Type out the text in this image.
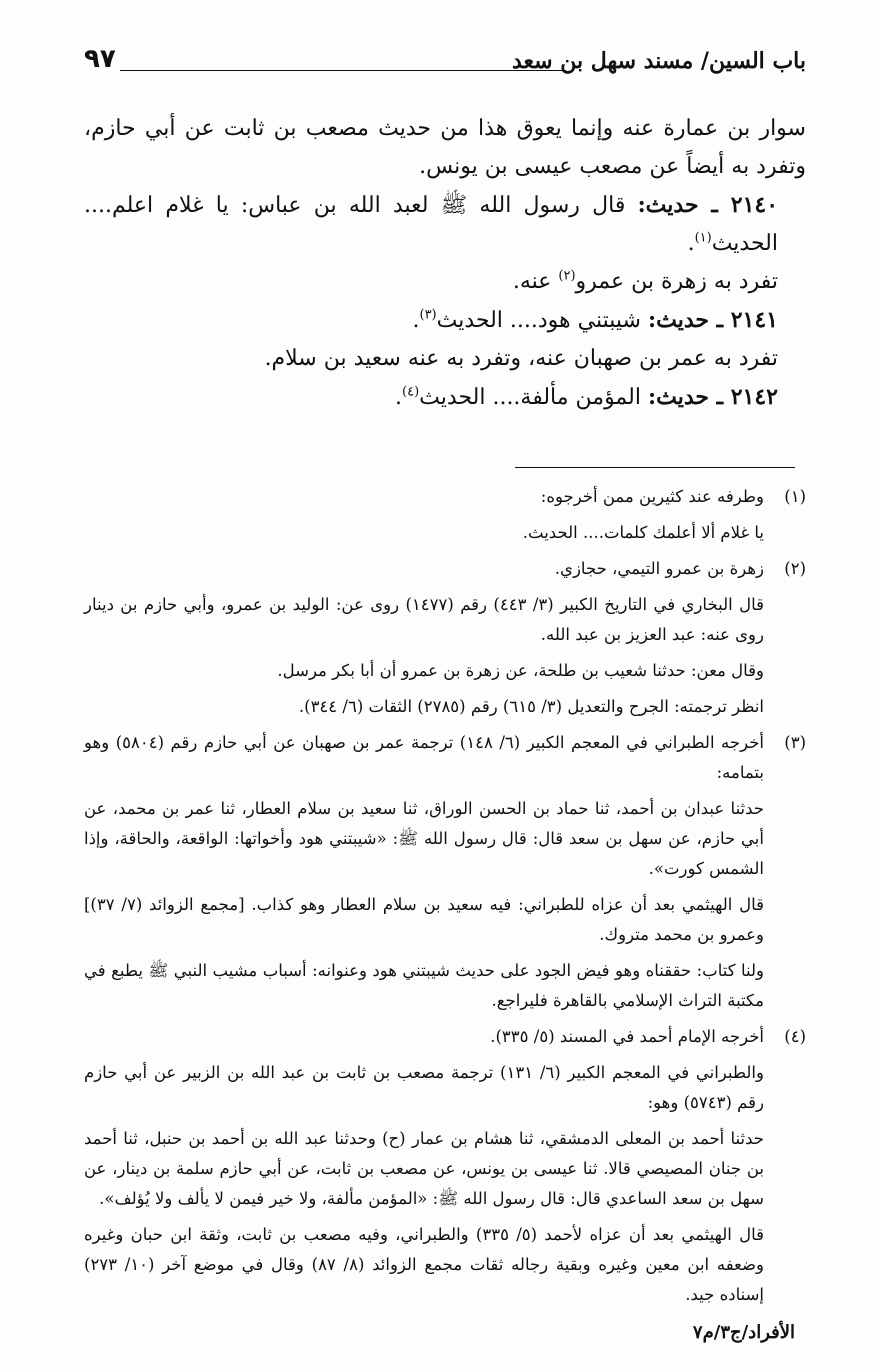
٩٧	باب السين/ مسند سهل بن سعد

سوار بن عمارة عنه وإنما يعوق هذا من حديث مصعب بن ثابت عن أبي حازم، وتفرد به أيضاً عن مصعب عيسى بن يونس.

٢١٤٠ ـ حديث: قال رسول الله ﷺ لعبد الله بن عباس: يا غلام اعلم.... الحديث$^{(١)}$.

تفرد به زهرة بن عمرو$^{(٢)}$ عنه.

٢١٤١ ـ حديث: شيبتني هود.... الحديث$^{(٣)}$.

تفرد به عمر بن صهبان عنه، وتفرد به عنه سعيد بن سلام.

٢١٤٢ ـ حديث: المؤمن مألفة.... الحديث$^{(٤)}$.

(١)

وطرفه عند كثيرين ممن أخرجوه:

يا غلام ألا أعلمك كلمات.... الحديث.

(٢)

زهرة بن عمرو التيمي، حجازي.

قال البخاري في التاريخ الكبير (٣/ ٤٤٣) رقم (١٤٧٧) روى عن: الوليد بن عمرو، وأبي حازم بن دينار روى عنه: عبد العزيز بن عبد الله.

وقال معن: حدثنا شعيب بن طلحة، عن زهرة بن عمرو أن أبا بكر مرسل.

انظر ترجمته: الجرح والتعديل (٣/ ٦١٥) رقم (٢٧٨٥) الثقات (٦/ ٣٤٤).

(٣)

أخرجه الطبراني في المعجم الكبير (٦/ ١٤٨) ترجمة عمر بن صهبان عن أبي حازم رقم (٥٨٠٤) وهو بتمامه:

حدثنا عبدان بن أحمد، ثنا حماد بن الحسن الوراق، ثنا سعيد بن سلام العطار، ثنا عمر بن محمد، عن أبي حازم، عن سهل بن سعد قال: قال رسول الله ﷺ: «شيبتني هود وأخواتها: الواقعة، والحاقة، وإذا الشمس كورت».

قال الهيثمي بعد أن عزاه للطبراني: فيه سعيد بن سلام العطار وهو كذاب. [مجمع الزوائد (٧/ ٣٧)] وعمرو بن محمد متروك.

ولنا كتاب: حققناه وهو فيض الجود على حديث شيبتني هود وعنوانه: أسباب مشيب النبي ﷺ يطبع في مكتبة التراث الإسلامي بالقاهرة فليراجع.

(٤)

أخرجه الإمام أحمد في المسند (٥/ ٣٣٥).

والطبراني في المعجم الكبير (٦/ ١٣١) ترجمة مصعب بن ثابت بن عبد الله بن الزبير عن أبي حازم رقم (٥٧٤٣) وهو:

حدثنا أحمد بن المعلى الدمشقي، ثنا هشام بن عمار (ح) وحدثنا عبد الله بن أحمد بن حنبل، ثنا أحمد بن جنان المصيصي قالا. ثنا عيسى بن يونس، عن مصعب بن ثابت، عن أبي حازم سلمة بن دينار، عن سهل بن سعد الساعدي قال: قال رسول الله ﷺ: «المؤمن مألفة، ولا خير فيمن لا يألف ولا يُؤلف».

قال الهيثمي بعد أن عزاه لأحمد (٥/ ٣٣٥) والطبراني، وفيه مصعب بن ثابت، وثقة ابن حبان وغيره وضعفه ابن معين وغيره وبقية رجاله ثقات مجمع الزوائد (٨/ ٨٧) وقال في موضع آخر (١٠/ ٢٧٣) إسناده جيد.

الأفراد/ج٣/م٧
